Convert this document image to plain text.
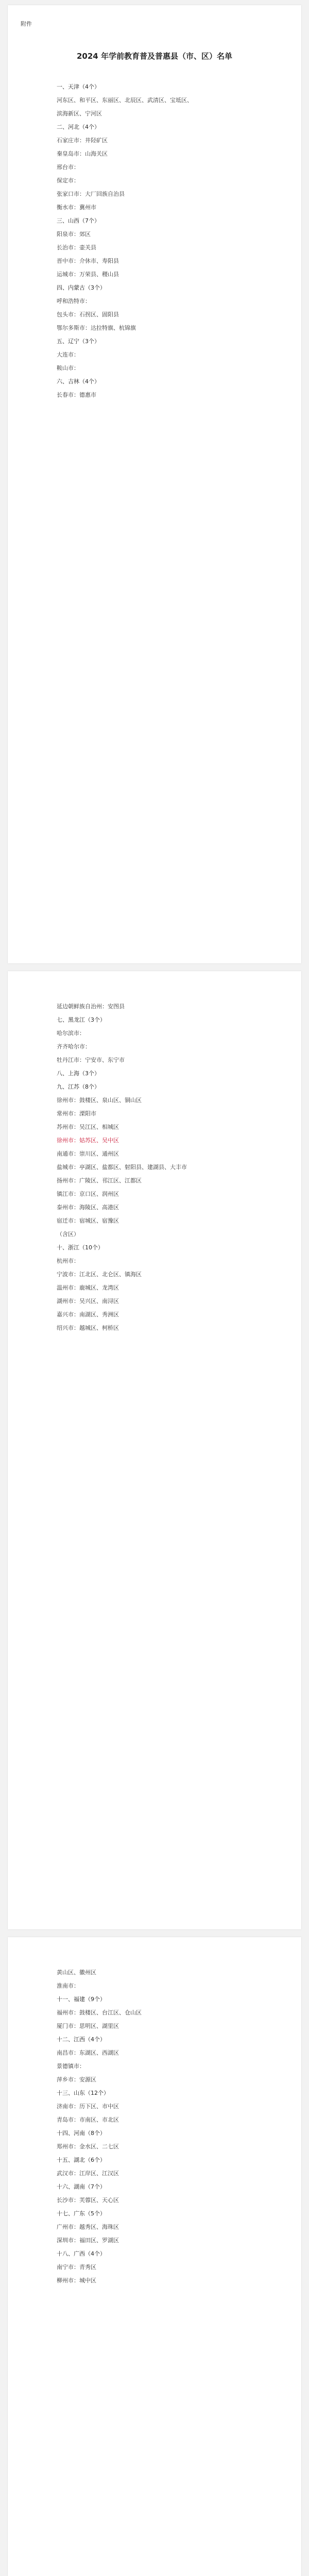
附件
2024 年学前教育普及普惠县（市、区）名单
一、天津（4个）
河东区、和平区、东丽区、北辰区、武清区、宝坻区、
滨海新区、宁河区
二、河北（4个）
石家庄市：井陉矿区
秦皇岛市：山海关区
邢台市：
保定市：
张家口市：大厂回族自治县
衡水市：冀州市
三、山西（7个）
阳泉市：郊区
长治市：壶关县
晋中市：介休市、寿阳县
运城市：万荣县、稷山县
四、内蒙古（3个）
呼和浩特市：
包头市：石拐区、固阳县
鄂尔多斯市：达拉特旗、杭锦旗
五、辽宁（3个）
大连市：
鞍山市：
六、吉林（4个）
长春市：德惠市
延边朝鲜族自治州：安图县
七、黑龙江（3个）
哈尔滨市：
齐齐哈尔市：
牡丹江市：宁安市、东宁市
八、上海（3个）
九、江苏（8个）
徐州市：鼓楼区、泉山区、铜山区
常州市：溧阳市
苏州市：吴江区、相城区
徐州市：姑苏区、吴中区
南通市：崇川区、通州区
盐城市：亭湖区、盐都区、射阳县、建湖县、大丰市
扬州市：广陵区、邗江区、江都区
镇江市：京口区、润州区
泰州市：海陵区、高港区
宿迁市：宿城区、宿豫区
（含区）
十、浙江（10个）
杭州市：
宁波市：江北区、北仑区、镇海区
温州市：鹿城区、龙湾区
湖州市：吴兴区、南浔区
嘉兴市：南湖区、秀洲区
绍兴市：越城区、柯桥区
黄山区、徽州区
淮南市：
十一、福建（9个）
福州市：鼓楼区、台江区、仓山区
厦门市：思明区、湖里区
十二、江西（4个）
南昌市：东湖区、西湖区
景德镇市：
萍乡市：安源区
十三、山东（12个）
济南市：历下区、市中区
青岛市：市南区、市北区
十四、河南（8个）
郑州市：金水区、二七区
十五、湖北（6个）
武汉市：江岸区、江汉区
十六、湖南（7个）
长沙市：芙蓉区、天心区
十七、广东（5个）
广州市：越秀区、海珠区
深圳市：福田区、罗湖区
十八、广西（4个）
南宁市：青秀区
柳州市：城中区
